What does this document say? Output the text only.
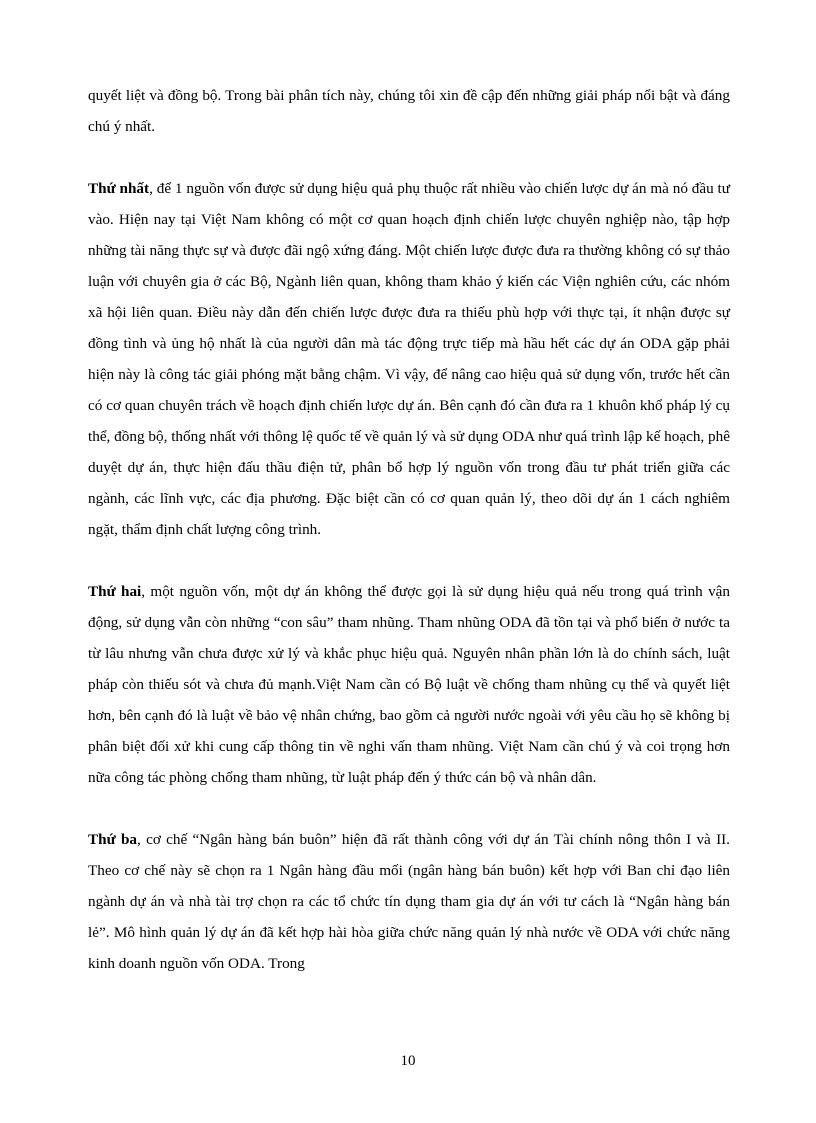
quyết liệt và đồng bộ. Trong bài phân tích này, chúng tôi xin đề cập đến những giải pháp nổi bật và đáng chú ý nhất.

Thứ nhất, để 1 nguồn vốn được sử dụng hiệu quả phụ thuộc rất nhiều vào chiến lược dự án mà nó đầu tư vào. Hiện nay tại Việt Nam không có một cơ quan hoạch định chiến lược chuyên nghiệp nào, tập hợp những tài năng thực sự và được đãi ngộ xứng đáng. Một chiến lược được đưa ra thường không có sự thảo luận với chuyên gia ở các Bộ, Ngành liên quan, không tham khảo ý kiến các Viện nghiên cứu, các nhóm xã hội liên quan. Điều này dẫn đến chiến lược được đưa ra thiếu phù hợp với thực tại, ít nhận được sự đồng tình và ủng hộ nhất là của người dân mà tác động trực tiếp mà hầu hết các dự án ODA gặp phải hiện này là công tác giải phóng mặt bằng chậm. Vì vậy, để nâng cao hiệu quả sử dụng vốn, trước hết cần có cơ quan chuyên trách về hoạch định chiến lược dự án. Bên cạnh đó cần đưa ra 1 khuôn khổ pháp lý cụ thể, đồng bộ, thống nhất với thông lệ quốc tế về quản lý và sử dụng ODA như quá trình lập kế hoạch, phê duyệt dự án, thực hiện đấu thầu điện tử, phân bổ hợp lý nguồn vốn trong đầu tư phát triển giữa các ngành, các lĩnh vực, các địa phương. Đặc biệt cần có cơ quan quản lý, theo dõi dự án 1 cách nghiêm ngặt, thẩm định chất lượng công trình.

Thứ hai, một nguồn vốn, một dự án không thể được gọi là sử dụng hiệu quả nếu trong quá trình vận động, sử dụng vẫn còn những “con sâu” tham nhũng. Tham nhũng ODA đã tồn tại và phổ biến ở nước ta từ lâu nhưng vẫn chưa được xử lý và khắc phục hiệu quả. Nguyên nhân phần lớn là do chính sách, luật pháp còn thiếu sót và chưa đủ mạnh.Việt Nam cần có Bộ luật về chống tham nhũng cụ thể và quyết liệt hơn, bên cạnh đó là luật về bảo vệ nhân chứng, bao gồm cả người nước ngoài với yêu cầu họ sẽ không bị phân biệt đối xử khi cung cấp thông tin về nghi vấn tham nhũng. Việt Nam cần chú ý và coi trọng hơn nữa công tác phòng chống tham nhũng, từ luật pháp đến ý thức cán bộ và nhân dân.

Thứ ba, cơ chế “Ngân hàng bán buôn” hiện đã rất thành công với dự án Tài chính nông thôn I và II. Theo cơ chế này sẽ chọn ra 1 Ngân hàng đầu mối (ngân hàng bán buôn) kết hợp với Ban chỉ đạo liên ngành dự án và nhà tài trợ chọn ra các tổ chức tín dụng tham gia dự án với tư cách là “Ngân hàng bán lẻ”. Mô hình quản lý dự án đã kết hợp hài hòa giữa chức năng quản lý nhà nước về ODA với chức năng kinh doanh nguồn vốn ODA. Trong

10
